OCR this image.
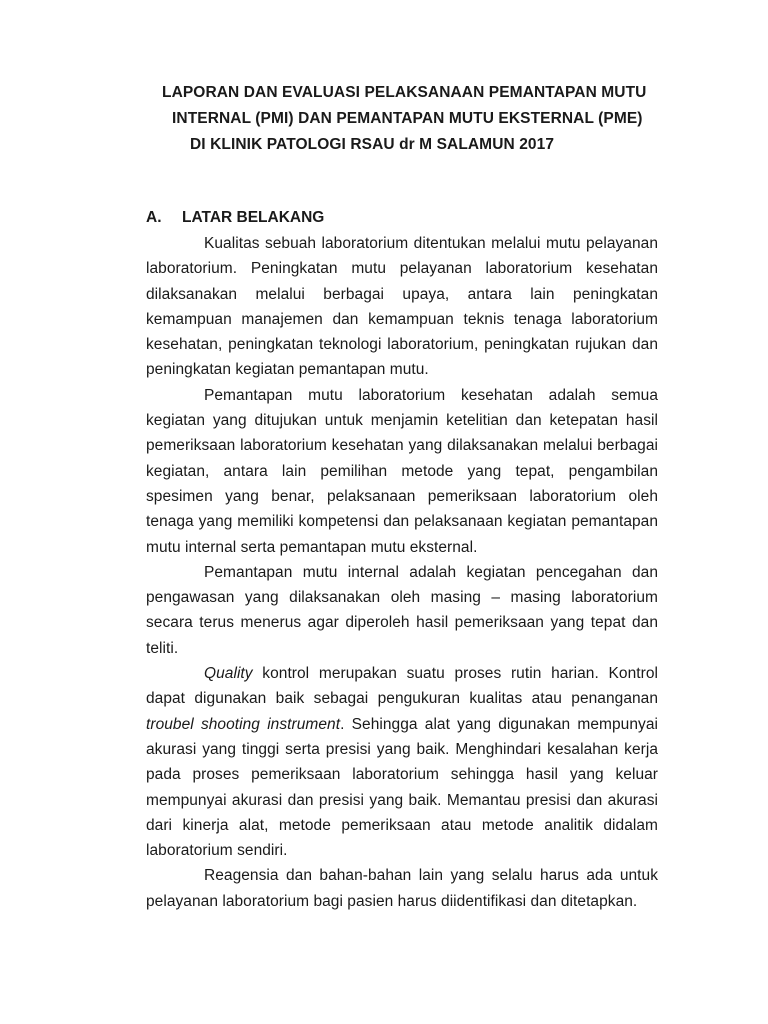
LAPORAN DAN EVALUASI PELAKSANAAN PEMANTAPAN MUTU

INTERNAL (PMI) DAN PEMANTAPAN MUTU EKSTERNAL (PME)

DI KLINIK PATOLOGI RSAU dr M SALAMUN 2017

A. LATAR BELAKANG

Kualitas sebuah laboratorium ditentukan melalui mutu pelayanan laboratorium. Peningkatan mutu pelayanan laboratorium kesehatan dilaksanakan melalui berbagai upaya, antara lain peningkatan kemampuan manajemen dan kemampuan teknis tenaga laboratorium kesehatan, peningkatan teknologi laboratorium, peningkatan rujukan dan peningkatan kegiatan pemantapan mutu.

Pemantapan mutu laboratorium kesehatan adalah semua kegiatan yang ditujukan untuk menjamin ketelitian dan ketepatan hasil pemeriksaan laboratorium kesehatan yang dilaksanakan melalui berbagai kegiatan, antara lain pemilihan metode yang tepat, pengambilan spesimen yang benar, pelaksanaan pemeriksaan laboratorium oleh tenaga yang memiliki kompetensi dan pelaksanaan kegiatan pemantapan mutu internal serta pemantapan mutu eksternal.

Pemantapan mutu internal adalah kegiatan pencegahan dan pengawasan yang dilaksanakan oleh masing – masing laboratorium secara terus menerus agar diperoleh hasil pemeriksaan yang tepat dan teliti.

Quality kontrol merupakan suatu proses rutin harian. Kontrol dapat digunakan baik sebagai pengukuran kualitas atau penanganan troubel shooting instrument. Sehingga alat yang digunakan mempunyai akurasi yang tinggi serta presisi yang baik. Menghindari kesalahan kerja pada proses pemeriksaan laboratorium sehingga hasil yang keluar mempunyai akurasi dan presisi yang baik. Memantau presisi dan akurasi dari kinerja alat, metode pemeriksaan atau metode analitik didalam laboratorium sendiri.

Reagensia dan bahan-bahan lain yang selalu harus ada untuk pelayanan laboratorium bagi pasien harus diidentifikasi dan ditetapkan.
